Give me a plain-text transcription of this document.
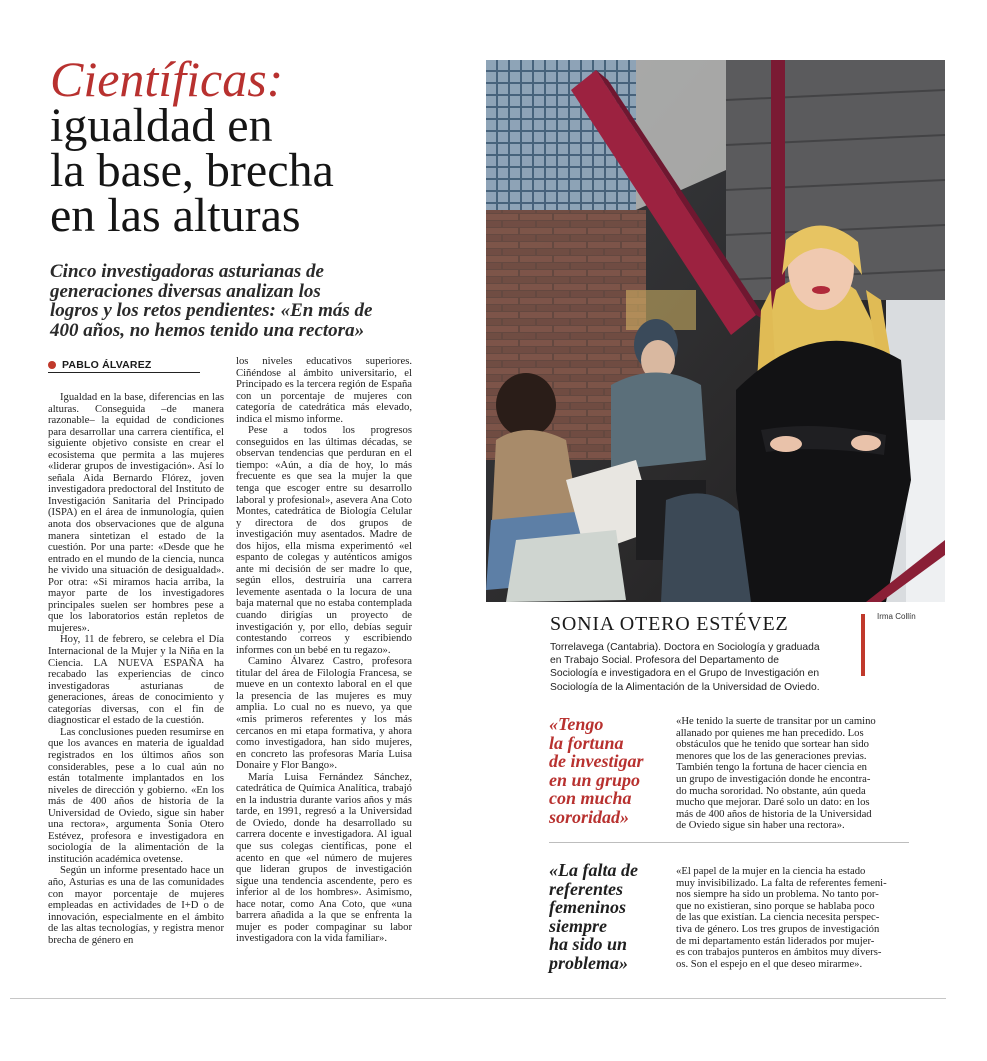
Científicas:
igualdad en
la base, brecha
en las alturas
Cinco investigadoras asturianas de
generaciones diversas analizan los
logros y los retos pendientes: «En más de
400 años, no hemos tenido una rectora»
PABLO ÁLVAREZ

Igualdad en la base, diferencias en las alturas. Conseguida –de manera razonable– la equidad de condiciones para desarrollar una carrera científica, el siguiente objetivo consiste en crear el ecosistema que permita a las mujeres «liderar grupos de investigación». Así lo señala Aida Bernardo Flórez, joven investigadora predoctoral del Instituto de Investigación Sanitaria del Principado (ISPA) en el área de inmunología, quien anota dos observaciones que de alguna manera sintetizan el estado de la cuestión. Por una parte: «Desde que he entrado en el mundo de la ciencia, nunca he vivido una situación de desigualdad». Por otra: «Si miramos hacia arriba, la mayor parte de los investigadores principales suelen ser hombres pese a que los laboratorios están repletos de mujeres».

Hoy, 11 de febrero, se celebra el Día Internacional de la Mujer y la Niña en la Ciencia. LA NUEVA ESPAÑA ha recabado las experiencias de cinco investigadoras asturianas de generaciones, áreas de conocimiento y categorías diversas, con el fin de diagnosticar el estado de la cuestión.

Las conclusiones pueden resumirse en que los avances en materia de igualdad registrados en los últimos años son considerables, pese a lo cual aún no están totalmente implantados en los niveles de dirección y gobierno. «En los más de 400 años de historia de la Universidad de Oviedo, sigue sin haber una rectora», argumenta Sonia Otero Estévez, profesora e investigadora en sociología de la alimentación de la institución académica ovetense.

Según un informe presentado hace un año, Asturias es una de las comunidades con mayor porcentaje de mujeres empleadas en actividades de I+D o de innovación, especialmente en el ámbito de las altas tecnologías, y registra menor brecha de género en

los niveles educativos superiores. Ciñéndose al ámbito universitario, el Principado es la tercera región de España con un porcentaje de mujeres con categoría de catedrática más elevado, indica el mismo informe.

Pese a todos los progresos conseguidos en las últimas décadas, se observan tendencias que perduran en el tiempo: «Aún, a día de hoy, lo más frecuente es que sea la mujer la que tenga que escoger entre su desarrollo laboral y profesional», asevera Ana Coto Montes, catedrática de Biología Celular y directora de dos grupos de investigación muy asentados. Madre de dos hijos, ella misma experimentó «el espanto de colegas y auténticos amigos ante mi decisión de ser madre lo que, según ellos, destruiría una carrera levemente asentada o la locura de una baja maternal que no estaba contemplada cuando dirigías un proyecto de investigación y, por ello, debías seguir contestando correos y escribiendo informes con un bebé en tu regazo».

Camino Álvarez Castro, profesora titular del área de Filología Francesa, se mueve en un contexto laboral en el que la presencia de las mujeres es muy amplia. Lo cual no es nuevo, ya que «mis primeros referentes y los más cercanos en mi etapa formativa, y ahora como investigadora, han sido mujeres, en concreto las profesoras María Luisa Donaire y Flor Bango».

María Luisa Fernández Sánchez, catedrática de Química Analítica, trabajó en la industria durante varios años y más tarde, en 1991, regresó a la Universidad de Oviedo, donde ha desarrollado su carrera docente e investigadora. Al igual que sus colegas científicas, pone el acento en que «el número de mujeres que lideran grupos de investigación sigue una tendencia ascendente, pero es inferior al de los hombres». Asimismo, hace notar, como Ana Coto, que «una barrera añadida a la que se enfrenta la mujer es poder compaginar su labor investigadora con la vida familiar».

Irma Collín
SONIA OTERO ESTÉVEZ
Torrelavega (Cantabria). Doctora en Sociología y graduada
en Trabajo Social. Profesora del Departamento de
Sociología e investigadora en el Grupo de Investigación en
Sociología de la Alimentación de la Universidad de Oviedo.
«Tengo
la fortuna
de investigar
en un grupo
con mucha
sororidad»
«He tenido la suerte de transitar por un camino
allanado por quienes me han precedido. Los
obstáculos que he tenido que sortear han sido
menores que los de las generaciones previas.
También tengo la fortuna de hacer ciencia en
un grupo de investigación donde he encontra-
do mucha sororidad. No obstante, aún queda
mucho que mejorar. Daré solo un dato: en los
más de 400 años de historia de la Universidad
de Oviedo sigue sin haber una rectora».
«La falta de
referentes
femeninos
siempre
ha sido un
problema»
«El papel de la mujer en la ciencia ha estado
muy invisibilizado. La falta de referentes femeni-
nos siempre ha sido un problema. No tanto por-
que no existieran, sino porque se hablaba poco
de las que existían. La ciencia necesita perspec-
tiva de género. Los tres grupos de investigación
de mi departamento están liderados por mujer-
es con trabajos punteros en ámbitos muy divers-
os. Son el espejo en el que deseo mirarme».
